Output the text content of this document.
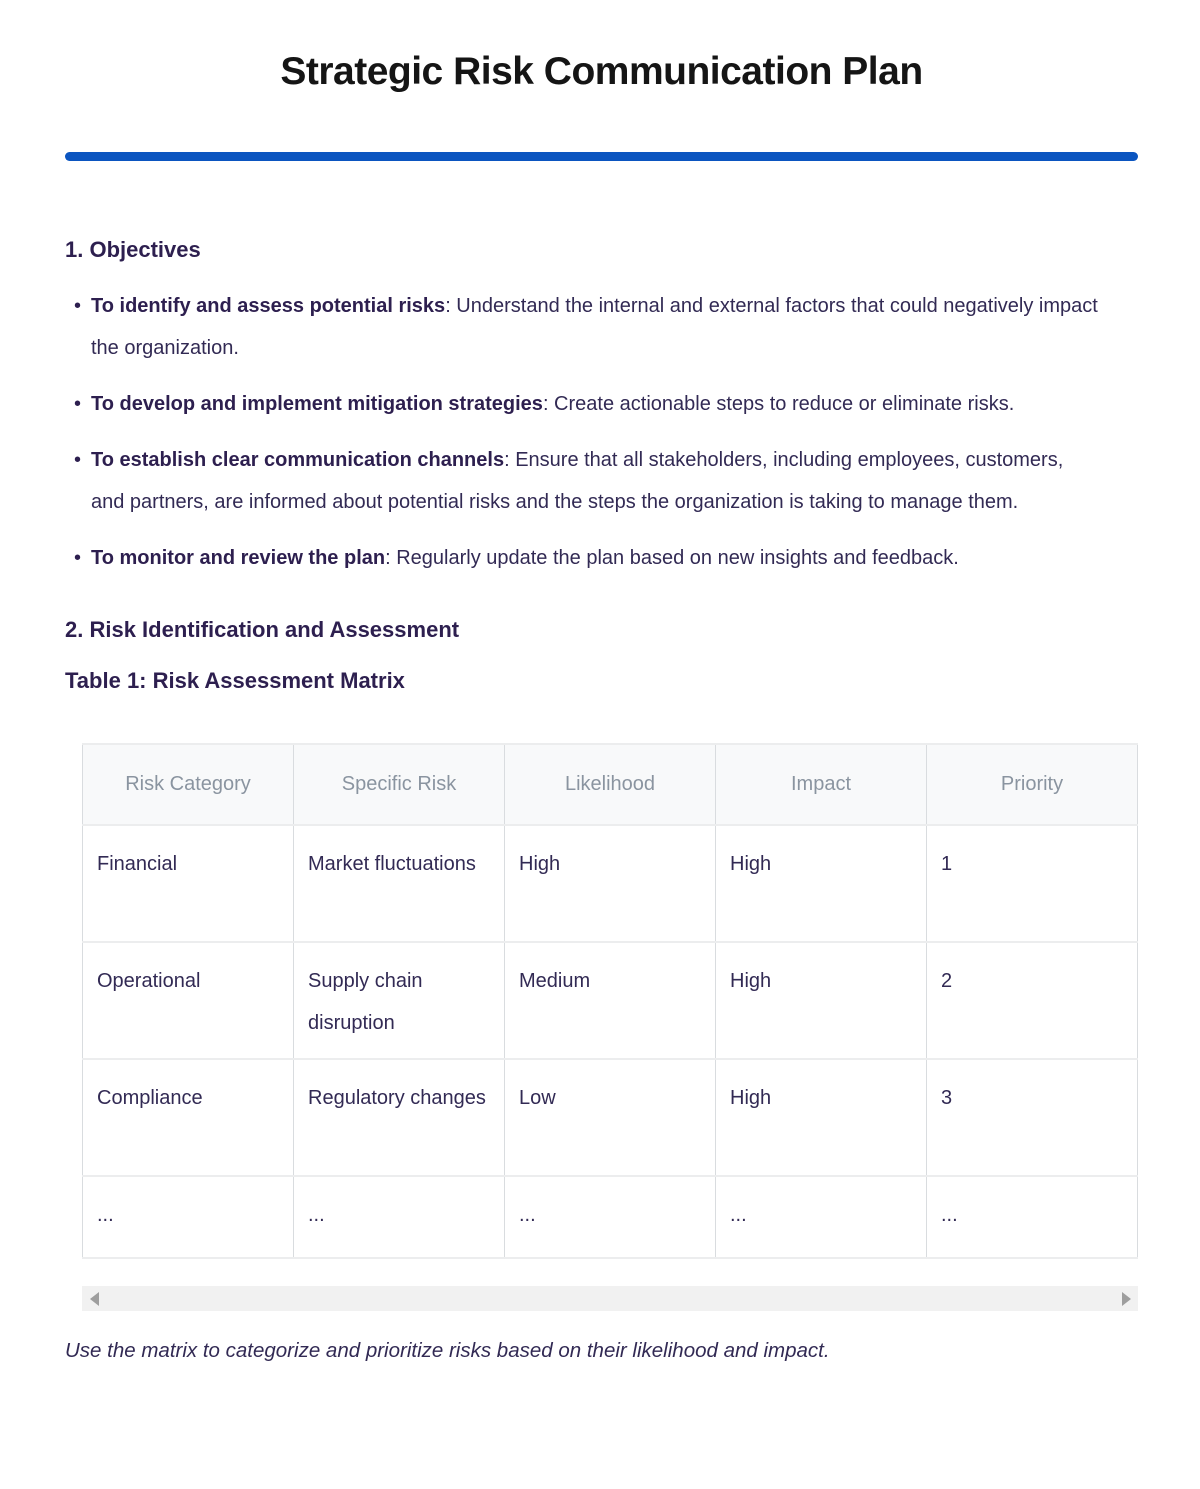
Strategic Risk Communication Plan
1. Objectives
• To identify and assess potential risks: Understand the internal and external factors that could negatively impact the organization.
• To develop and implement mitigation strategies: Create actionable steps to reduce or eliminate risks.
• To establish clear communication channels: Ensure that all stakeholders, including employees, customers, and partners, are informed about potential risks and the steps the organization is taking to manage them.
• To monitor and review the plan: Regularly update the plan based on new insights and feedback.
2. Risk Identification and Assessment
Table 1: Risk Assessment Matrix
Risk Category	Specific Risk	Likelihood	Impact	Priority
Financial	Market fluctuations	High	High	1
Operational	Supply chain disruption	Medium	High	2
Compliance	Regulatory changes	Low	High	3
...	...	...	...	...

Use the matrix to categorize and prioritize risks based on their likelihood and impact.
